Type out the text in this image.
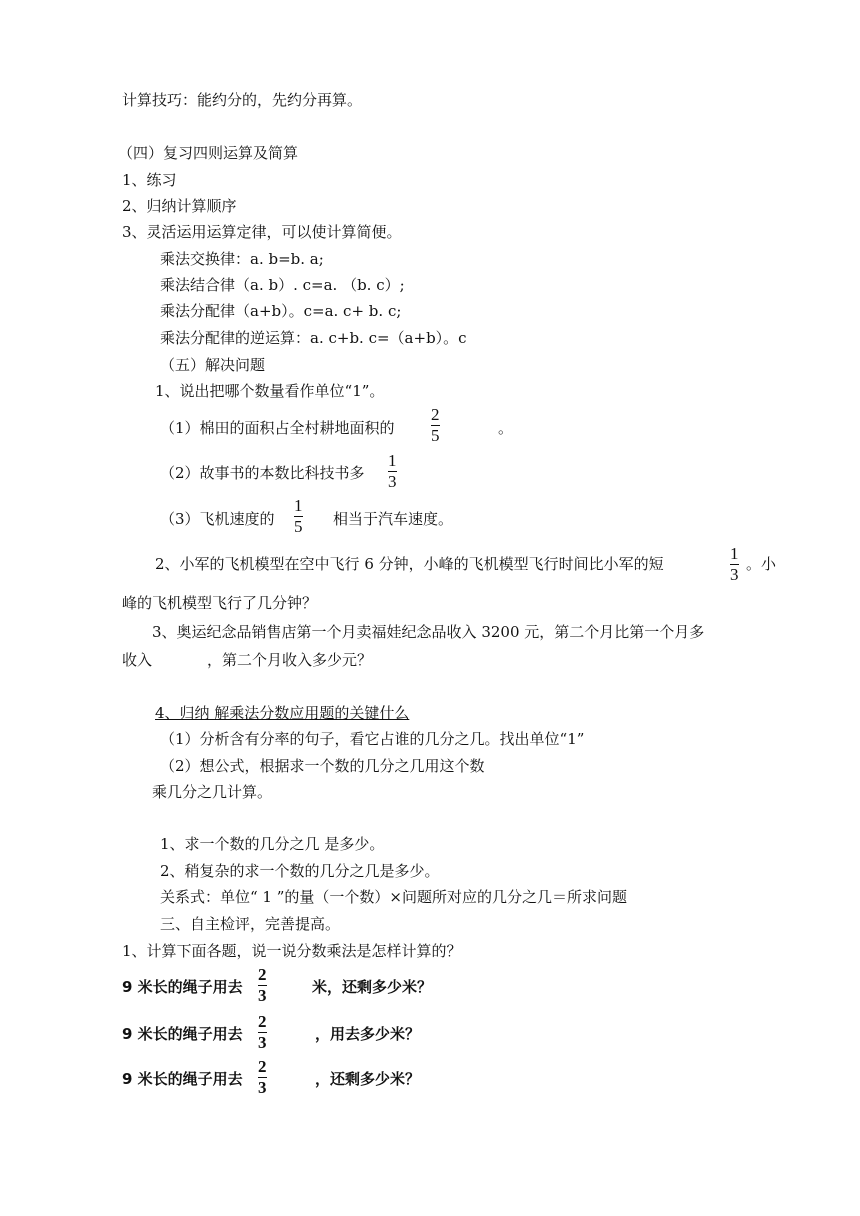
计算技巧：能约分的，先约分再算。
（四）复习四则运算及简算
1、练习
2、归纳计算顺序
3、灵活运用运算定律，可以使计算简便。
乘法交换律：a. b=b. a;
乘法结合律（a. b）. c=a. （b. c）;
乘法分配律（a+b）。c=a. c+ b. c;
乘法分配律的逆运算：a. c+b. c=（a+b）。c
（五）解决问题
1、说出把哪个数量看作单位“1”。
（1）棉田的面积占全村耕地面积的
2
5	。
（2）故事书的本数比科技书多
1
3
（3）飞机速度的
1
5 相当于汽车速度。
2、小军的飞机模型在空中飞行 6 分钟，小峰的飞机模型飞行时间比小军的短
1
3
。小
峰的飞机模型飞行了几分钟？
3、奥运纪念品销售店第一个月卖福娃纪念品收入 3200 元，第二个月比第一个月多
收入	，第二个月收入多少元？
4、归纳 解乘法分数应用题的关键什么
（1）分析含有分率的句子，看它占谁的几分之几。找出单位“1”
（2）想公式，根据求一个数的几分之几用这个数
乘几分之几计算。
1、求一个数的几分之几 是多少。
2、稍复杂的求一个数的几分之几是多少。
关系式：单位“ 1 ”的量（一个数）×问题所对应的几分之几＝所求问题
三、自主检评，完善提高。
1、计算下面各题，说一说分数乘法是怎样计算的？
9 米长的绳子用去
2
3	米，还剩多少米？
9 米长的绳子用去
2
3	，用去多少米？
9 米长的绳子用去
2
3	，还剩多少米？
